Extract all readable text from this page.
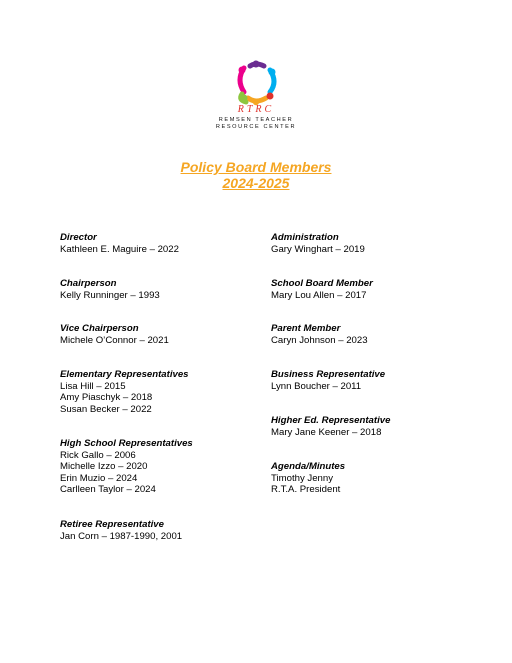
RTRC
REMSEN TEACHER
RESOURCE CENTER
Policy Board Members
2024-2025
Director
Kathleen E. Maguire – 2022
Chairperson
Kelly Runninger – 1993
Vice Chairperson
Michele O’Connor – 2021
Elementary Representatives
Lisa Hill – 2015
Amy Piaschyk – 2018
Susan Becker – 2022
High School Representatives
Rick Gallo – 2006
Michelle Izzo – 2020
Erin Muzio – 2024
Carlleen Taylor – 2024
Retiree Representative
Jan Corn – 1987-1990, 2001
Administration
Gary Winghart – 2019
School Board Member
Mary Lou Allen – 2017
Parent Member
Caryn Johnson – 2023
Business Representative
Lynn Boucher – 2011
Higher Ed. Representative
Mary Jane Keener – 2018
Agenda/Minutes
Timothy Jenny
R.T.A. President
